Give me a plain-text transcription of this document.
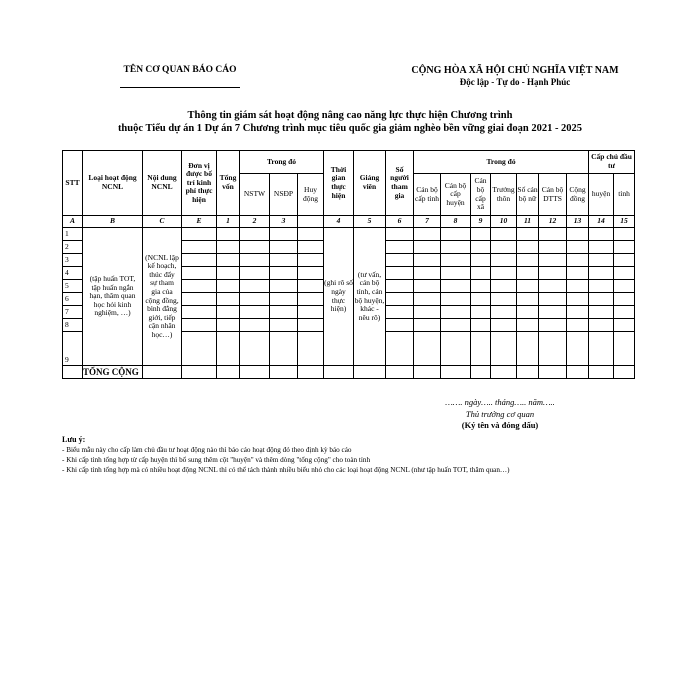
TÊN CƠ QUAN BÁO CÁO	CỘNG HÒA XÃ HỘI CHỦ NGHĨA VIỆT NAM
Độc lập - Tự do - Hạnh Phúc
Thông tin giám sát hoạt động nâng cao năng lực thực hiện Chương trình
thuộc Tiểu dự án 1 Dự án 7 Chương trình mục tiêu quốc gia giảm nghèo bền vững giai đoạn 2021 - 2025
STT	Loại hoạt động NCNL	Nội dung NCNL	Đơn vị được bố trí kinh phí thực hiện	Tổng vốn	Trong đó			Thời gian thực hiện	Giảng viên	Số người tham gia	Trong đó							Cấp chủ đầu tư	
					NSTW	NSĐP	Huy động				Cán bộ cấp tỉnh	Cán bộ cấp huyện	Cán bộ cấp xã	Trưởng thôn	Số cán bộ nữ	Cán bộ DTTS	Cộng đồng	huyện	tỉnh
A	B	C	E	1	2	3		4	5	6	7	8	9	10	11	12	13	14	15
1	(tập huấn TOT, tập huấn ngắn hạn, thăm quan học hỏi kinh nghiệm, …)	(NCNL lập kế hoạch, thúc đẩy sự tham gia của cộng đồng, bình đẳng giới, tiếp cận nhân học…)						(ghi rõ số ngày thực hiện)	(tư vấn, cán bộ tỉnh, cán bộ huyện, khác - nêu rõ)										
2																			
3																			
4																			
5																			
6																			
7																			
8																			
9																			
	TỔNG CỘNG																		
……. ngày….. tháng….. năm…..
Thủ trưởng cơ quan
(Ký tên và đóng dấu)
Lưu ý:
- Biểu mẫu này cho cấp làm chủ đầu tư hoạt động nào thì báo cáo hoạt động đó theo định kỳ báo cáo
- Khi cấp tỉnh tổng hợp từ cấp huyện thì bổ sung thêm cột "huyện" và thêm dòng "tổng cộng" cho toàn tỉnh
- Khi cấp tỉnh tổng hợp mà có nhiều hoạt động NCNL thì có thể tách thành nhiều biểu nhỏ cho các loại hoạt động NCNL (như tập huấn TOT, thăm quan…)
